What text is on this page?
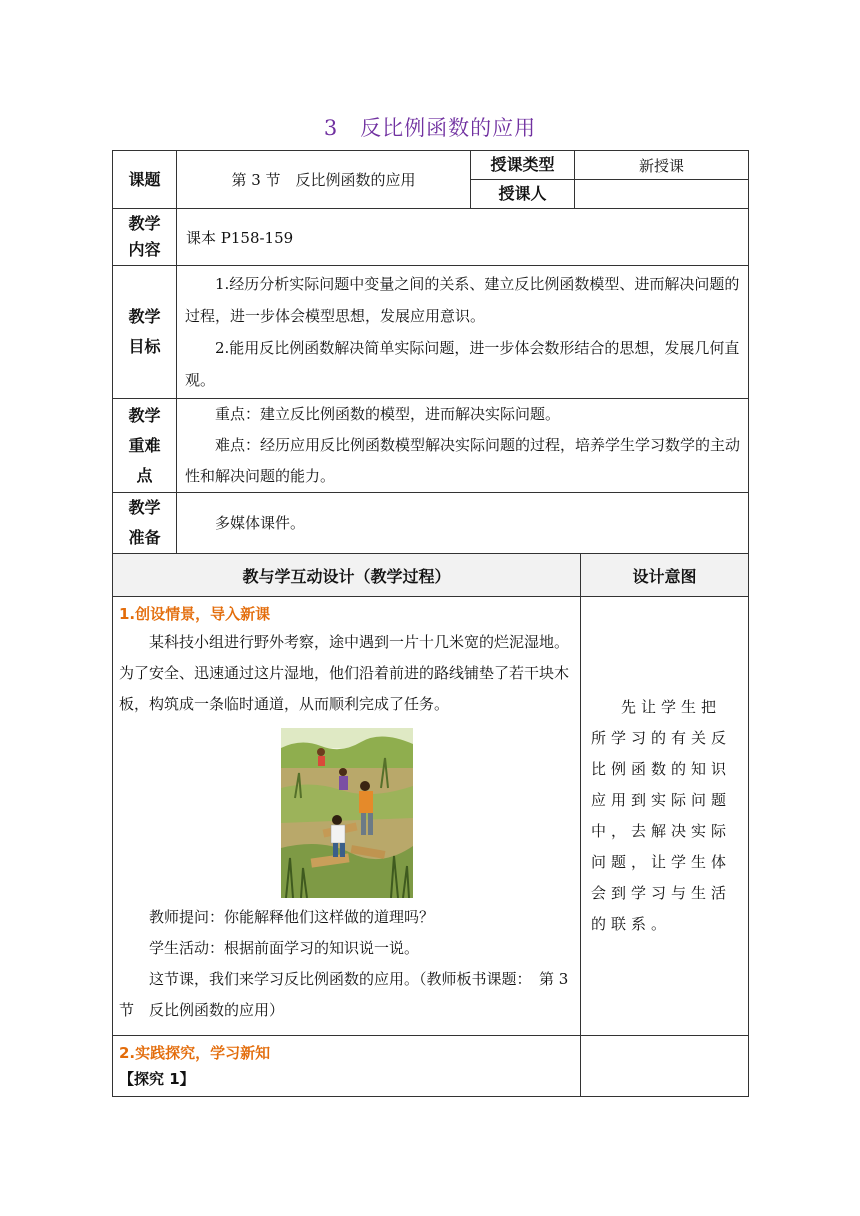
3　反比例函数的应用
课题	第 3 节　反比例函数的应用	授课类型	新授课
		授课人	

教学内容	课本 P158-159		

教学目标	1.经历分析实际问题中变量之间的关系、建立反比例函数模型、进而解决问题的过程，进一步体会模型思想，发展应用意识。

2.能用反比例函数解决简单实际问题，进一步体会数形结合的思想，发展几何直观。		

教学重难点	重点：建立反比例函数的模型，进而解决实际问题。

难点：经历应用反比例函数模型解决实际问题的过程，培养学生学习数学的主动性和解决问题的能力。		

教学准备	多媒体课件。		

教与学互动设计（教学过程）	设计意图

1.创设情景，导入新课

某科技小组进行野外考察，途中遇到一片十几米宽的烂泥湿地。为了安全、迅速通过这片湿地，他们沿着前进的路线铺垫了若干块木板，构筑成一条临时通道，从而顺利完成了任务。

教师提问：你能解释他们这样做的道理吗？

学生活动：根据前面学习的知识说一说。

这节课，我们来学习反比例函数的应用。（教师板书课题：　第 3 节　反比例函数的应用）	先让学生把所学习的有关反比例函数的知识应用到实际问题中，去解决实际问题，让学生体会到学习与生活的联系。

2.实践探究，学习新知
【探究 1】	
